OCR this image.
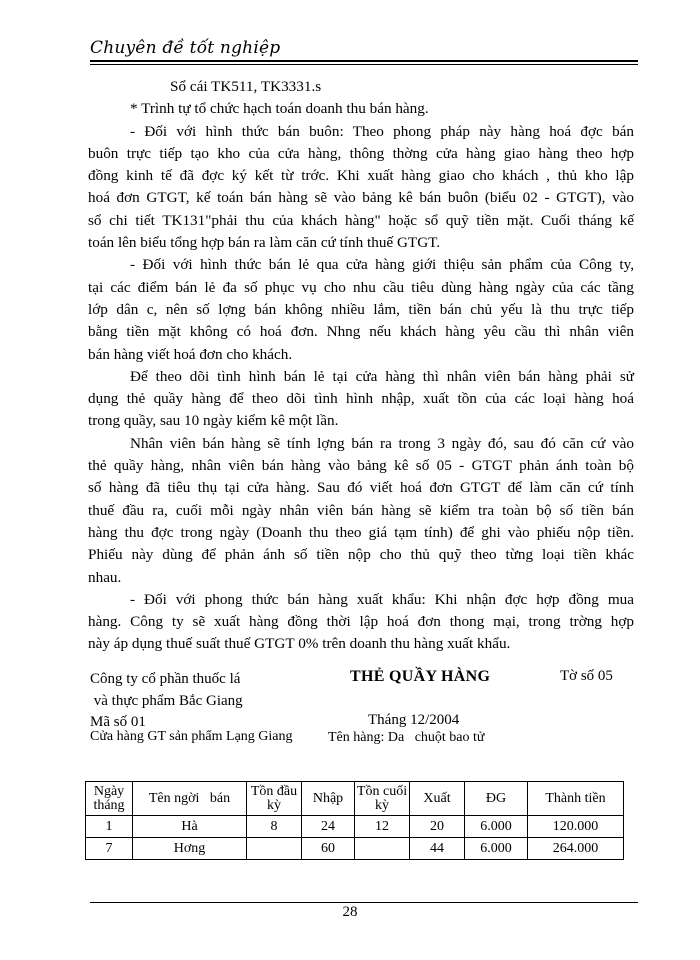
Chuyên đề tốt nghiệp
Sổ cái TK511, TK3331.s
* Trình tự tổ chức hạch toán doanh thu bán hàng.
- Đối với hình thức bán buôn: Theo phong pháp này hàng hoá đợc bán
buôn trực tiếp tạo kho của cửa hàng, thông thờng cửa hàng giao hàng theo hợp
đồng kinh tế đã đợc ký kết từ trớc. Khi xuất hàng giao cho khách , thủ kho lập
hoá đơn GTGT, kế toán bán hàng sẽ vào bảng kê bán buôn (biểu 02 - GTGT), vào
sổ chi tiết TK131"phải thu của khách hàng" hoặc sổ quỹ tiền mặt. Cuối tháng kế
toán lên biểu tổng hợp bán ra làm căn cứ tính thuế GTGT.
- Đối với hình thức bán lẻ qua cửa hàng giới thiệu sản phẩm của Công ty,
tại các điểm bán lẻ đa số phục vụ cho nhu cầu tiêu dùng hàng ngày của các tầng
lớp dân c, nên số lợng bán không nhiều lắm, tiền bán chủ yếu là thu trực tiếp
bằng tiền mặt không có hoá đơn. Nhng nếu khách hàng yêu cầu thì nhân viên
bán hàng viết hoá đơn cho khách.
Để theo dõi tình hình bán lẻ tại cửa hàng thì nhân viên bán hàng phải sử
dụng thẻ quầy hàng để theo dõi tình hình nhập, xuất tồn của các loại hàng hoá
trong quầy, sau 10 ngày kiểm kê một lần.
Nhân viên bán hàng sẽ tính lợng bán ra trong 3 ngày đó, sau đó căn cứ vào
thẻ quầy hàng, nhân viên bán hàng vào bảng kê số 05 - GTGT phản ánh toàn bộ
số hàng đã tiêu thụ tại cửa hàng. Sau đó viết hoá đơn GTGT để làm căn cứ tính
thuế đầu ra, cuối mỗi ngày nhân viên bán hàng sẽ kiểm tra toàn bộ số tiền bán
hàng thu đợc trong ngày (Doanh thu theo giá tạm tính) để ghi vào phiếu nộp tiền.
Phiếu này dùng để phản ánh số tiền nộp cho thủ quỹ theo từng loại tiền khác
nhau.
- Đối với phong thức bán hàng xuất khẩu: Khi nhận đợc hợp đồng mua
hàng. Công ty sẽ xuất hàng đồng thời lập hoá đơn thong mại, trong trờng hợp
này áp dụng thuế suất thuế GTGT 0% trên doanh thu hàng xuất khẩu.
Công ty cổ phần thuốc lá
và thực phẩm Bắc Giang
THẺ QUẦY HÀNG	Tờ số 05
Mã số 01	Tháng 12/2004
Cửa hàng GT sản phẩm Lạng Giang	Tên hàng: Da   chuột bao tử
Ngày tháng	Tên ngời   bán	Tồn đầu kỳ	Nhập	Tồn cuối kỳ	Xuất	ĐG	Thành tiền
1	Hà	8	24	12	20	6.000	120.000
7	Hơng		60		44	6.000	264.000
28
